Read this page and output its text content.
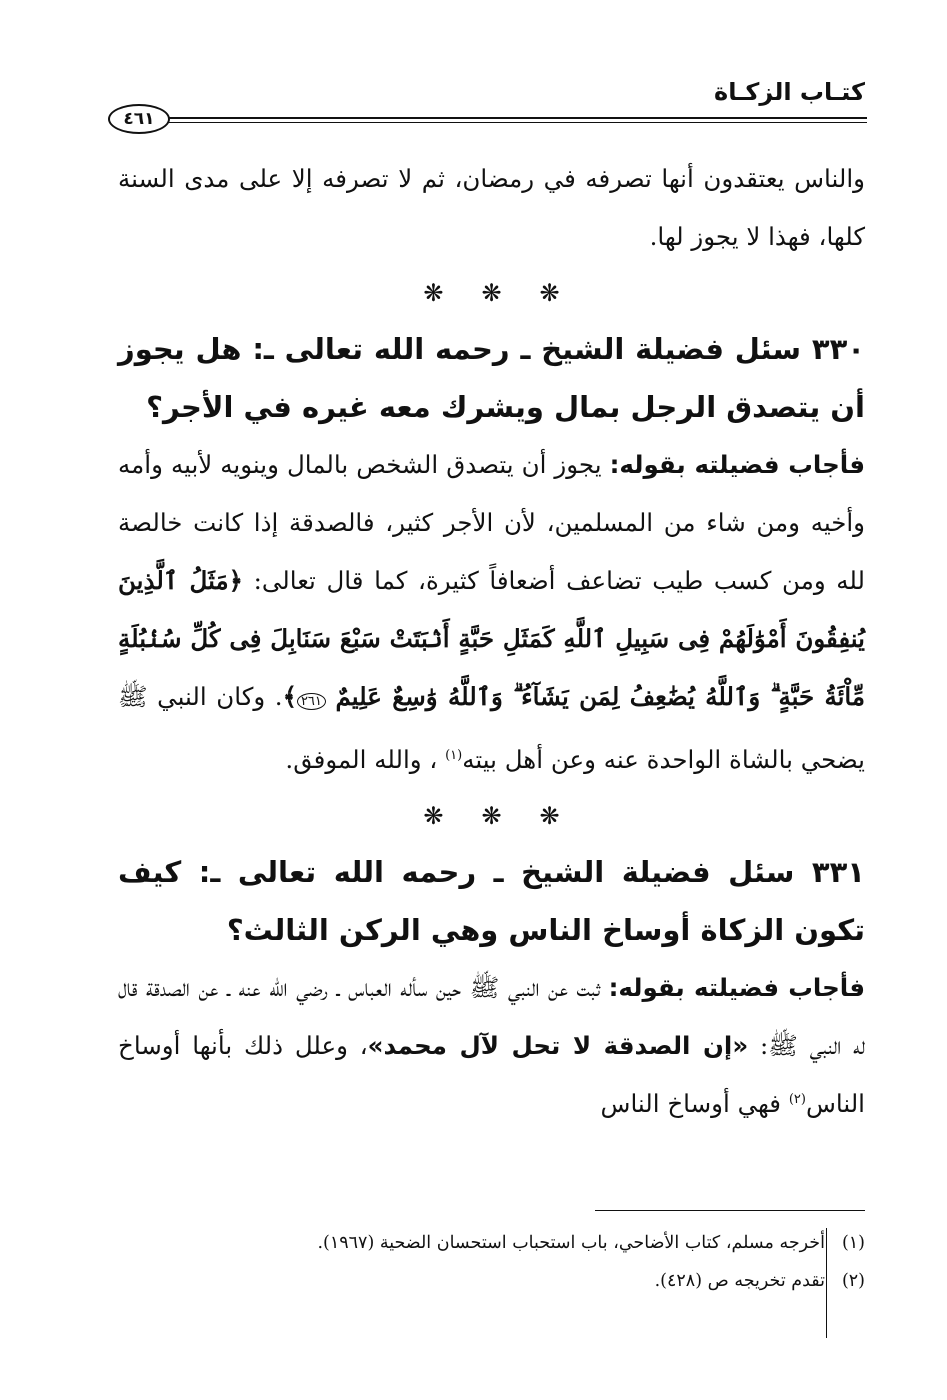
كتـاب الزكـاة
٤٦١

والناس يعتقدون أنها تصرفه في رمضان، ثم لا تصرفه إلا على مدى السنة كلها، فهذا لا يجوز لها.

❋❋❋

٣٣٠ سئل فضيلة الشيخ ـ رحمه الله تعالى ـ: هل يجوز أن يتصدق الرجل بمال ويشرك معه غيره في الأجر؟

فأجاب فضيلته بقوله: يجوز أن يتصدق الشخص بالمال وينويه لأبيه وأمه وأخيه ومن شاء من المسلمين، لأن الأجر كثير، فالصدقة إذا كانت خالصة لله ومن كسب طيب تضاعف أضعافاً كثيرة، كما قال تعالى: ﴿مَثَلُ ٱلَّذِينَ يُنفِقُونَ أَمْوَٰلَهُمْ فِى سَبِيلِ ٱللَّهِ كَمَثَلِ حَبَّةٍ أَنۢبَتَتْ سَبْعَ سَنَابِلَ فِى كُلِّ سُنۢبُلَةٍ مِّاْئَةُ حَبَّةٍ ۗ وَٱللَّهُ يُضَٰعِفُ لِمَن يَشَآءُ ۗ وَٱللَّهُ وَٰسِعٌ عَلِيمٌ ٢٦١﴾. وكان النبي ﷺ يضحي بالشاة الواحدة عنه وعن أهل بيته$^{(١)}$ ، والله الموفق.

❋❋❋

٣٣١ سئل فضيلة الشيخ ـ رحمه الله تعالى ـ: كيف تكون الزكاة أوساخ الناس وهي الركن الثالث؟

فأجاب فضيلته بقوله: ثبت عن النبي ﷺ حين سأله العباس ـ رضي الله عنه ـ عن الصدقة قال له النبي ﷺ: «إن الصدقة لا تحل لآل محمد»، وعلل ذلك بأنها أوساخ الناس$^{(٢)}$ فهي أوساخ الناس

(١)أخرجه مسلم، كتاب الأضاحي، باب استحباب استحسان الضحية (١٩٦٧).

(٢)تقدم تخريجه ص (٤٢٨).
